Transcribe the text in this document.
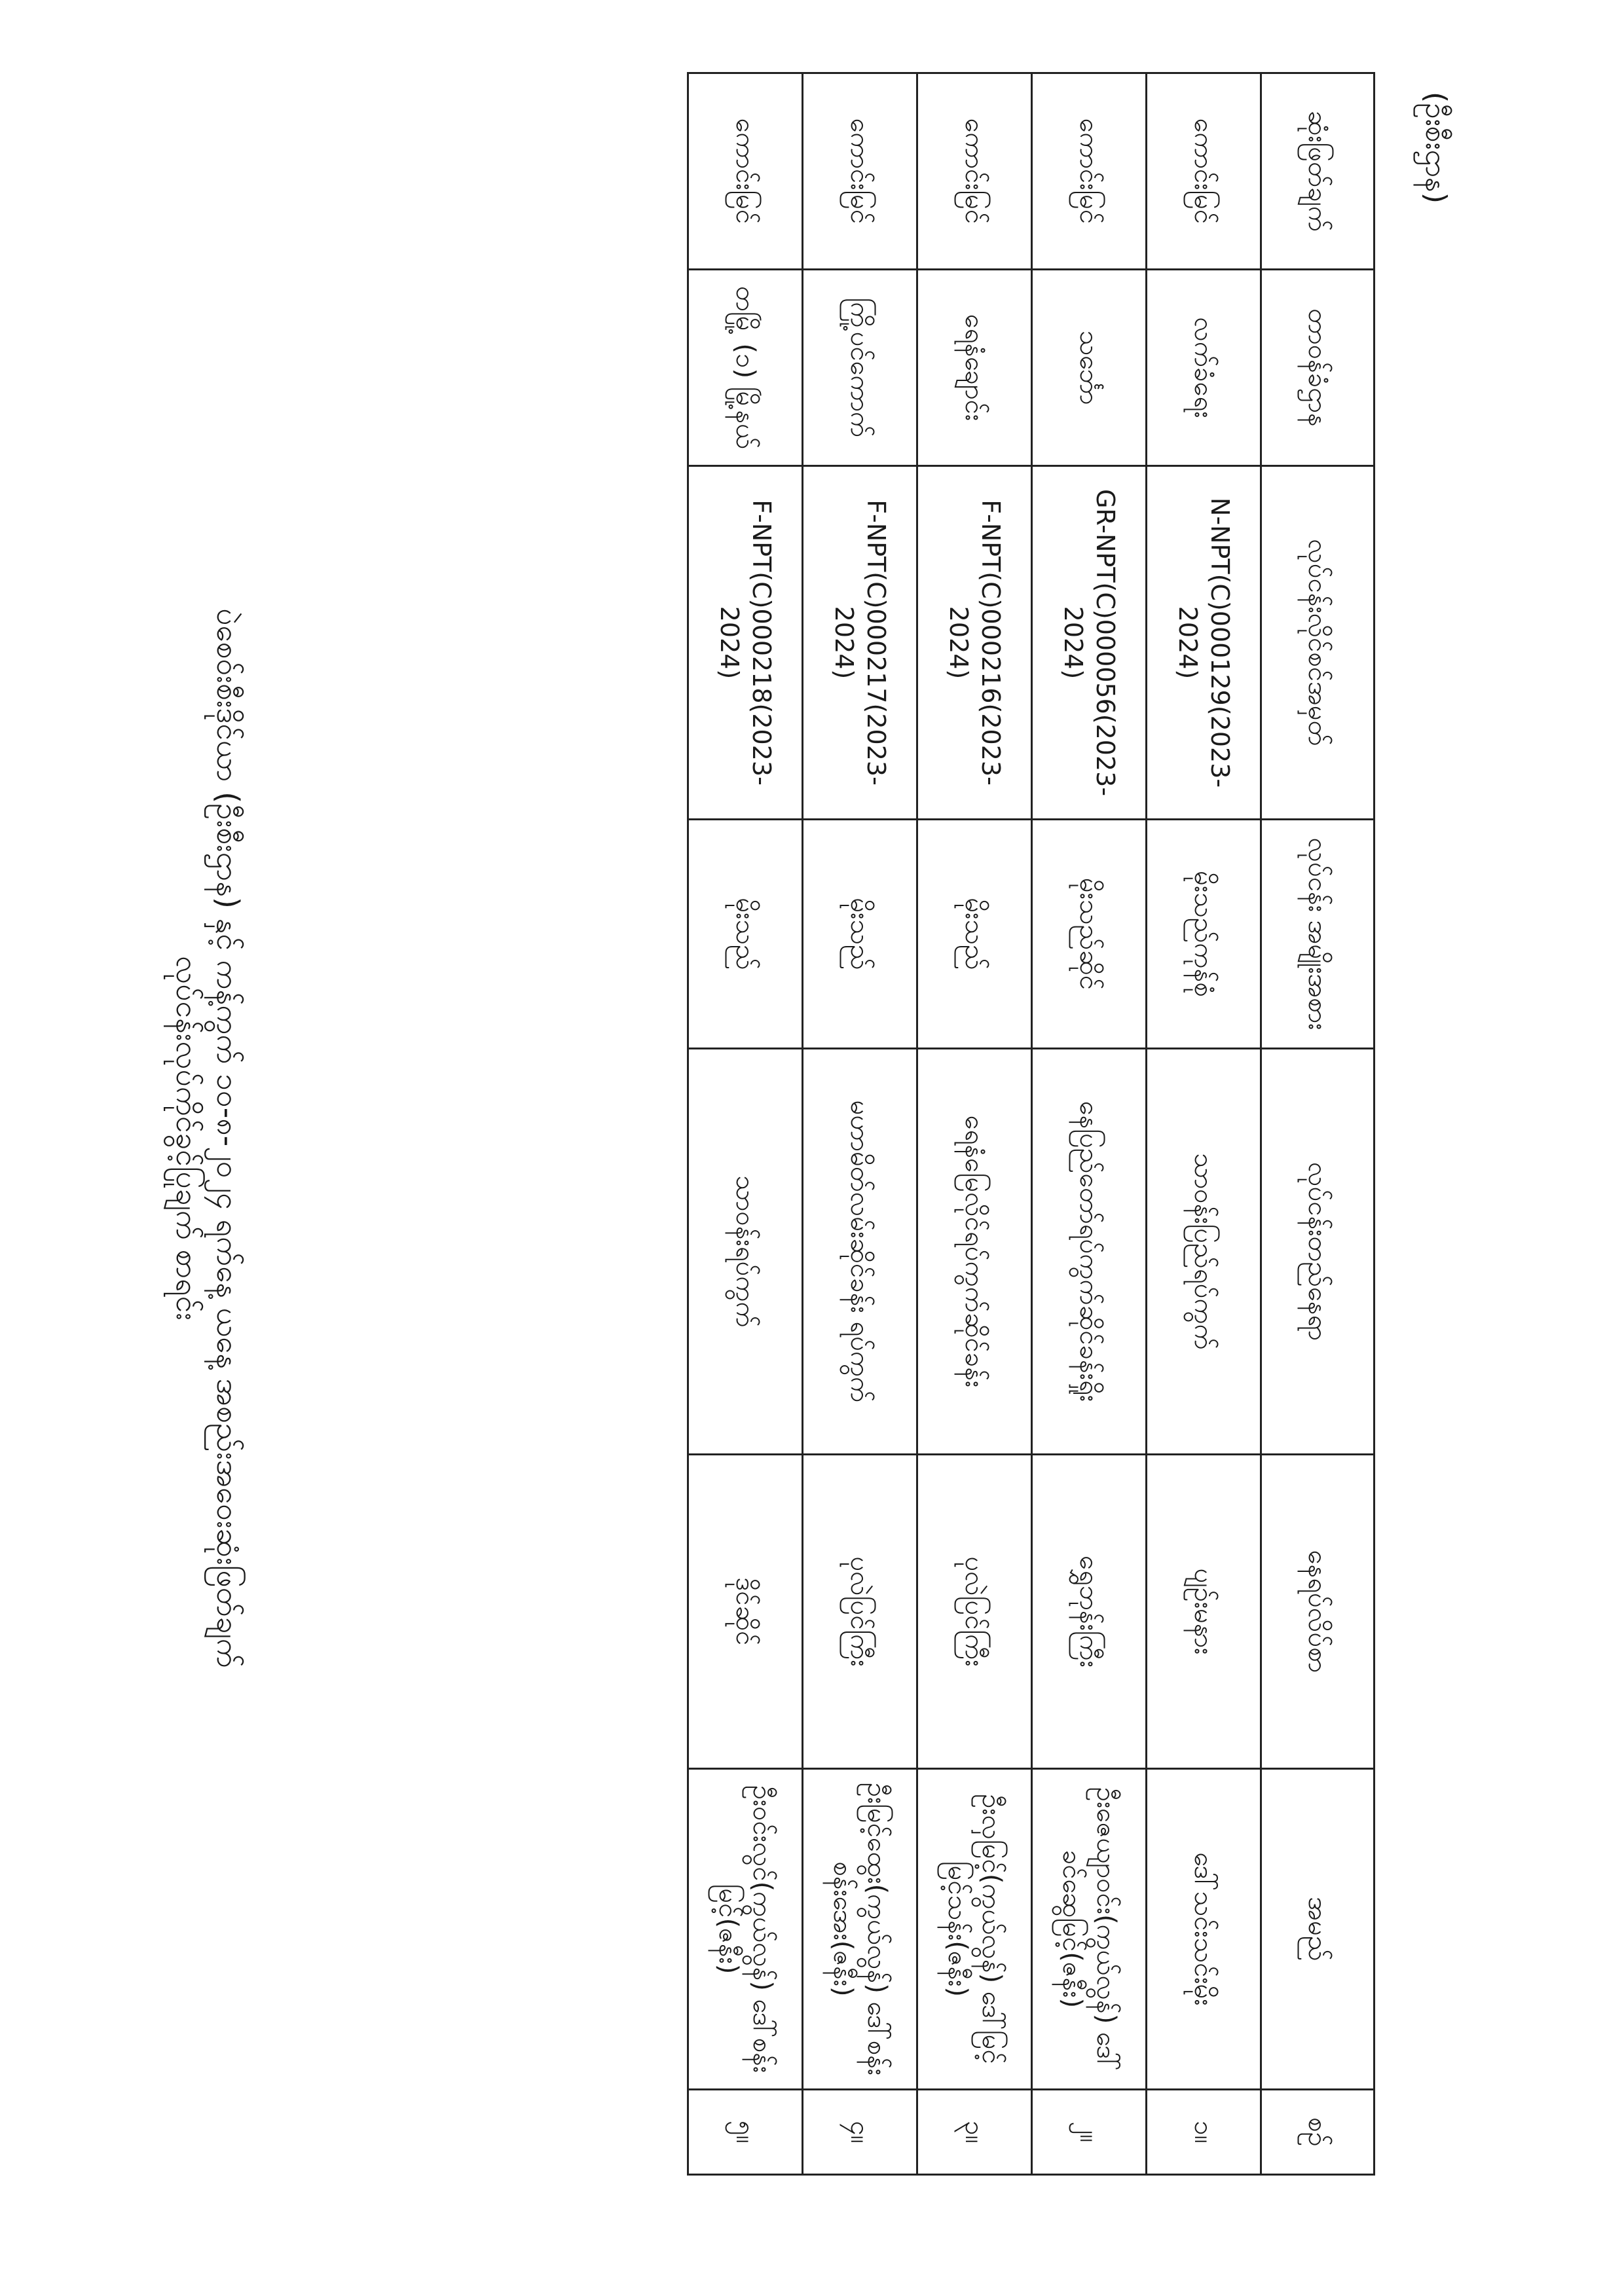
(ဦးစီးဌာန)
ဆုံးဖြတ်ချက်	တာဝန်ခံဌာန	လုပ်ငန်းလိုင်စင်အမှတ်	လုပ်ငန်း အမျိုးအစား	လုပ်ငန်းတည်နေရာ	နေရပ်လိပ်စာ	အမည်	စဉ်
ကောင်းမြင်	လက်ခံရေး	N-NPT(C)000129(2023-2024)	မိုးသည်ကုန်စုံ	သာဝန်းပြည်ရပ်ကွက်	ပျဉ်းမနား	ဒေါ်သင်းသင်းမိုး	၁။
ကောင်းမြင်	သင်္ဘော	GR-NPT(C)000056(2023-2024)	မိုးသည်ဆိုင်	နေပြည်တော်ရပ်ကွက်ဆိုင်ခန်းရှိုး	ရွှေဘုန်းကြီး	ဦးဇေယျာဝင်း(ကွယ်လွန်) ဒေါ်ခင်ဆွေမြင့်(ဇနီး)	၂။
ကောင်းမြင်	ရေနံချောင်း	F-NPT(C)000216(2023-2024)	မိုးသည်	ရေနံမြေလိုင်ရပ်ကွက်ဆိုင်ခန်း	ပုလဲပြင်ကြီး	ဦးလှမြင့်(ကွယ်လွန်) ဒေါ်မြင့်မြင့်သန်း(ဇနီး)	၃။
ကောင်းမြင်	ကြို့ပင်ကောက်	F-NPT(C)000217(2023-2024)	မိုးသည်	မဟာမိတ်လမ်းဆိုင်ခန်း ရပ်ကွက်	ပုလဲပြင်ကြီး	ဦးမြင့်ထွေး(ကွယ်လွန်) ဒေါ်စန်းစန်းအေး(ဇနီး)	၄။
ကောင်းမြင်	တမြို့ (၁) မြို့နယ်	F-NPT(C)000218(2023-2024)	မိုးသည်	သာဝန်းရပ်ကွက်	ဒိုင်ဆိုင်	ဦးဝင်းလွင်(ကွယ်လွန်) ဒေါ်စန်းမြင့်(ဇနီး)	၅။
ပဲစေဝ်းစီးဒိုင်ယာ (ဦးစီးဌာန) နှင့် ကန့်ကွက် ၁၀-၈-၂၀၂၄ ရက်နေ့ ယနေ့ အစည်းအဝေးဆုံးဖြတ်ချက်
လုပ်ငန်းလုပ်ကိုင်ခွင့်ပြုချက် စာရင်း
